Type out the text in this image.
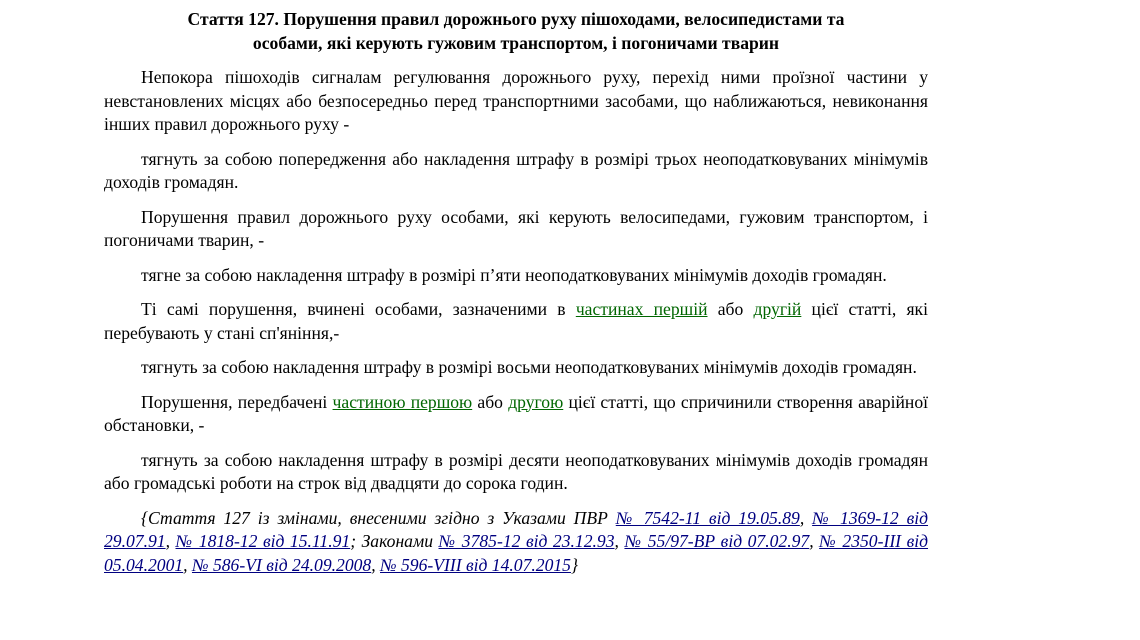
Стаття 127. Порушення правил дорожнього руху пішоходами, велосипедистами та
особами, які керують гужовим транспортом, і погоничами тварин

Непокора пішоходів сигналам регулювання дорожнього руху, перехід ними проїзної частини у невстановлених місцях або безпосередньо перед транспортними засобами, що наближаються, невиконання інших правил дорожнього руху -

тягнуть за собою попередження або накладення штрафу в розмірі трьох неоподатковуваних мінімумів доходів громадян.

Порушення правил дорожнього руху особами, які керують велосипедами, гужовим транспортом, і погоничами тварин, -

тягне за собою накладення штрафу в розмірі п’яти неоподатковуваних мінімумів доходів громадян.

Ті самі порушення, вчинені особами, зазначеними в частинах першій або другій цієї статті, які перебувають у стані сп'яніння,-

тягнуть за собою накладення штрафу в розмірі восьми неоподатковуваних мінімумів доходів громадян.

Порушення, передбачені частиною першою або другою цієї статті, що спричинили створення аварійної обстановки, -

тягнуть за собою накладення штрафу в розмірі десяти неоподатковуваних мінімумів доходів громадян або громадські роботи на строк від двадцяти до сорока годин.

{Стаття 127 із змінами, внесеними згідно з Указами ПВР № 7542-11 від 19.05.89, № 1369-12 від 29.07.91, № 1818-12 від 15.11.91; Законами № 3785-12 від 23.12.93, № 55/97-ВР від 07.02.97, № 2350-III від 05.04.2001, № 586-VI від 24.09.2008, № 596-VIII від 14.07.2015}
